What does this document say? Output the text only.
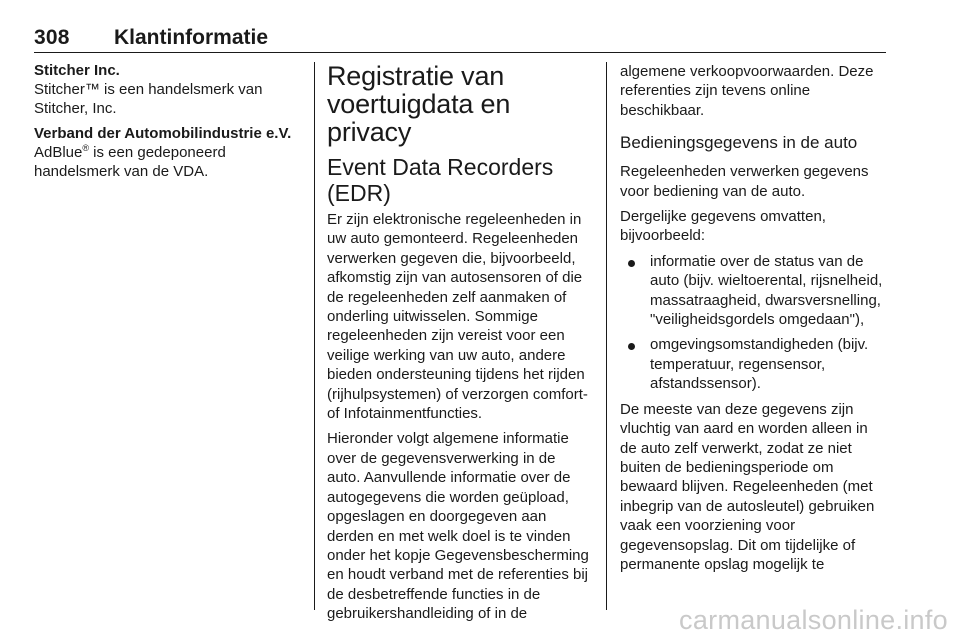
308 Klantinformatie

Stitcher Inc.

Stitcher™ is een handelsmerk van Stitcher, Inc.

Verband der Automobilindustrie e.V.

AdBlue® is een gedeponeerd handelsmerk van de VDA.

Registratie van voertuigdata en privacy
Event Data Recorders (EDR)

Er zijn elektronische regeleenheden in uw auto gemonteerd. Regeleenheden verwerken gegeven die, bijvoorbeeld, afkomstig zijn van autosensoren of die de regeleenheden zelf aanmaken of onderling uitwisselen. Sommige regeleenheden zijn vereist voor een veilige werking van uw auto, andere bieden ondersteuning tijdens het rijden (rijhulpsystemen) of verzorgen comfort- of Infotainmentfuncties.

Hieronder volgt algemene informatie over de gegevensverwerking in de auto. Aanvullende informatie over de autogegevens die worden geüpload, opgeslagen en doorgegeven aan derden en met welk doel is te vinden onder het kopje Gegevensbescherming en houdt verband met de referenties bij de desbetreffende functies in de gebruikershandleiding of in de

algemene verkoopvoorwaarden. Deze referenties zijn tevens online beschikbaar.

Bedieningsgegevens in de auto

Regeleenheden verwerken gegevens voor bediening van de auto.

Dergelijke gegevens omvatten, bijvoorbeeld:

informatie over de status van de auto (bijv. wieltoerental, rijsnelheid, massatraagheid, dwarsversnelling, "veiligheidsgordels omgedaan"),
omgevingsomstandigheden (bijv. temperatuur, regensensor, afstandssensor).

De meeste van deze gegevens zijn vluchtig van aard en worden alleen in de auto zelf verwerkt, zodat ze niet buiten de bedieningsperiode om bewaard blijven. Regeleenheden (met inbegrip van de autosleutel) gebruiken vaak een voorziening voor gegevensopslag. Dit om tijdelijke of permanente opslag mogelijk te

carmanualsonline.info
